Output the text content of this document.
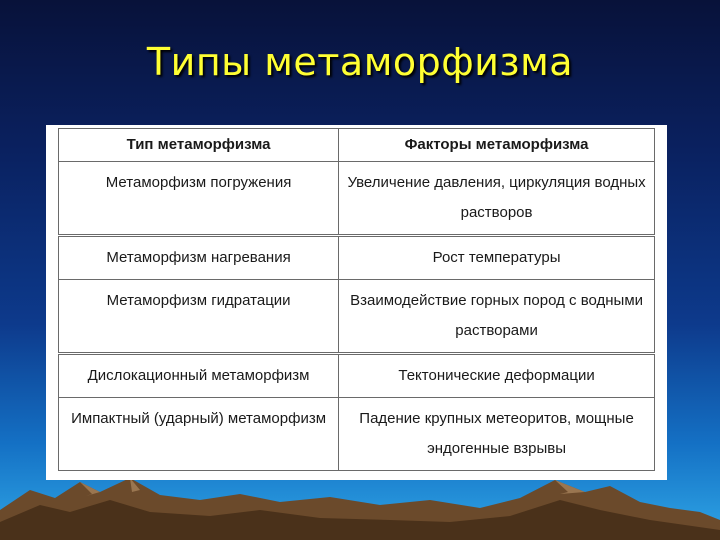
Типы метаморфизма
Тип метаморфизма	Факторы метаморфизма
Метаморфизм погружения	Увеличение давления, циркуляция водных растворов
Метаморфизм нагревания	Рост температуры
Метаморфизм гидратации	Взаимодействие горных пород с водными растворами
Дислокационный метаморфизм	Тектонические деформации
Импактный (ударный) метаморфизм	Падение крупных метеоритов, мощные эндогенные взрывы
